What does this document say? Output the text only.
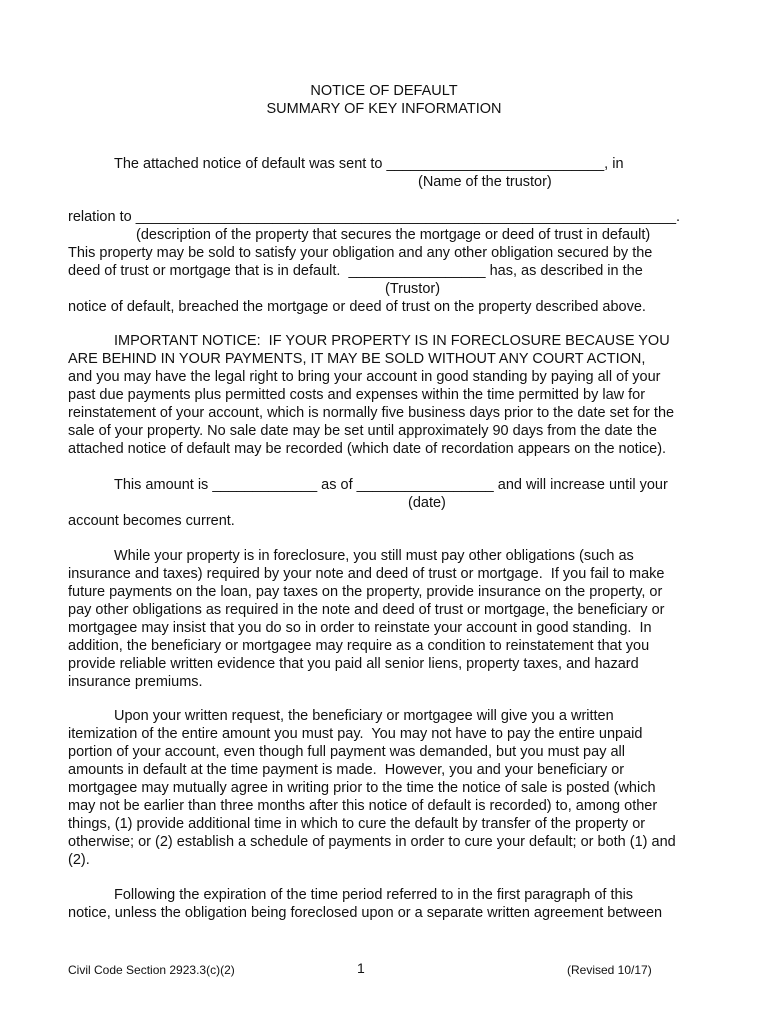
NOTICE OF DEFAULT
SUMMARY OF KEY INFORMATION
The attached notice of default was sent to ___________________________, in
(Name of the trustor)
relation to ___________________________________________________________________.
(description of the property that secures the mortgage or deed of trust in default)
This property may be sold to satisfy your obligation and any other obligation secured by the
deed of trust or mortgage that is in default.  _________________ has, as described in the
(Trustor)
notice of default, breached the mortgage or deed of trust on the property described above.
IMPORTANT NOTICE:  IF YOUR PROPERTY IS IN FORECLOSURE BECAUSE YOU
ARE BEHIND IN YOUR PAYMENTS, IT MAY BE SOLD WITHOUT ANY COURT ACTION,
and you may have the legal right to bring your account in good standing by paying all of your
past due payments plus permitted costs and expenses within the time permitted by law for
reinstatement of your account, which is normally five business days prior to the date set for the
sale of your property. No sale date may be set until approximately 90 days from the date the
attached notice of default may be recorded (which date of recordation appears on the notice).
This amount is _____________ as of _________________ and will increase until your
(date)
account becomes current.
While your property is in foreclosure, you still must pay other obligations (such as
insurance and taxes) required by your note and deed of trust or mortgage.  If you fail to make
future payments on the loan, pay taxes on the property, provide insurance on the property, or
pay other obligations as required in the note and deed of trust or mortgage, the beneficiary or
mortgagee may insist that you do so in order to reinstate your account in good standing.  In
addition, the beneficiary or mortgagee may require as a condition to reinstatement that you
provide reliable written evidence that you paid all senior liens, property taxes, and hazard
insurance premiums.
Upon your written request, the beneficiary or mortgagee will give you a written
itemization of the entire amount you must pay.  You may not have to pay the entire unpaid
portion of your account, even though full payment was demanded, but you must pay all
amounts in default at the time payment is made.  However, you and your beneficiary or
mortgagee may mutually agree in writing prior to the time the notice of sale is posted (which
may not be earlier than three months after this notice of default is recorded) to, among other
things, (1) provide additional time in which to cure the default by transfer of the property or
otherwise; or (2) establish a schedule of payments in order to cure your default; or both (1) and
(2).
Following the expiration of the time period referred to in the first paragraph of this
notice, unless the obligation being foreclosed upon or a separate written agreement between
Civil Code Section 2923.3(c)(2)	1	(Revised 10/17)
